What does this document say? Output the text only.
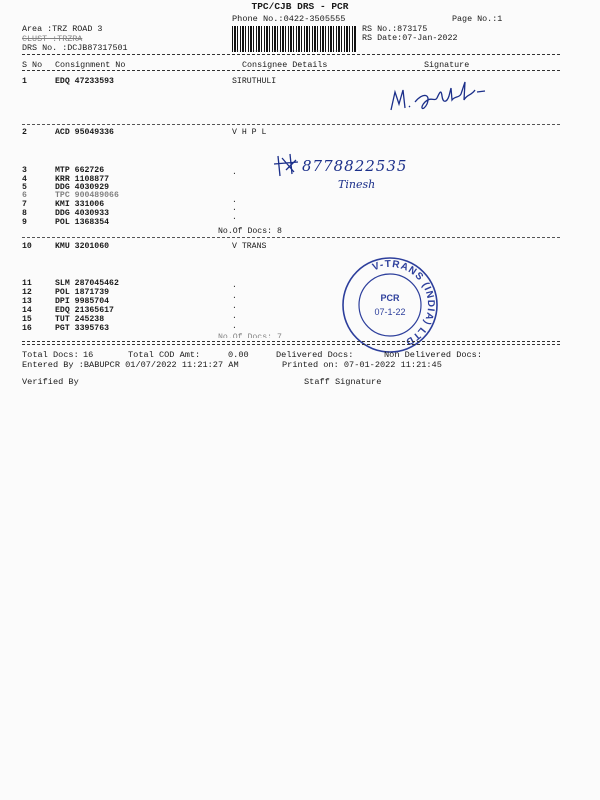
TPC/CJB DRS - PCR
Phone No.:0422-3505555
Area :TRZ ROAD 3
CLUST :TRZRA
DRS No. :DCJB87317501
RS No.:873175
RS Date:07-Jan-2022
Page No.:1
S No Consignment No	Consignee Details	Signature
1	EDQ 47233593	SIRUTHULI
2	ACD 95049336	V H P L
3	MTP 662726
4	KRR 1108877
5	DDG 4030929
6	TPC 900489066
7	KMI 331006
8	DDG 4030933
9	POL 1368354
.
.
.
.
No.Of Docs: 8
8778822535
Tinesh
10	KMU 3201060	V TRANS
11	SLM 287045462
12	POL 1871739
13	DPI 9985704
14	EDQ 21365617
15	TUT 245238
16	PGT 3395763
.
.
.
.
.
No.Of Docs: 7
V-TRANS (INDIA) LTD
PCR
07-1-22
Total Docs: 16	Total COD Amt:	0.00	Delivered Docs:	Non Delivered Docs:
Entered By :BABUPCR 01/07/2022 11:21:27 AM	Printed on: 07-01-2022 11:21:45
Verified By	Staff Signature
